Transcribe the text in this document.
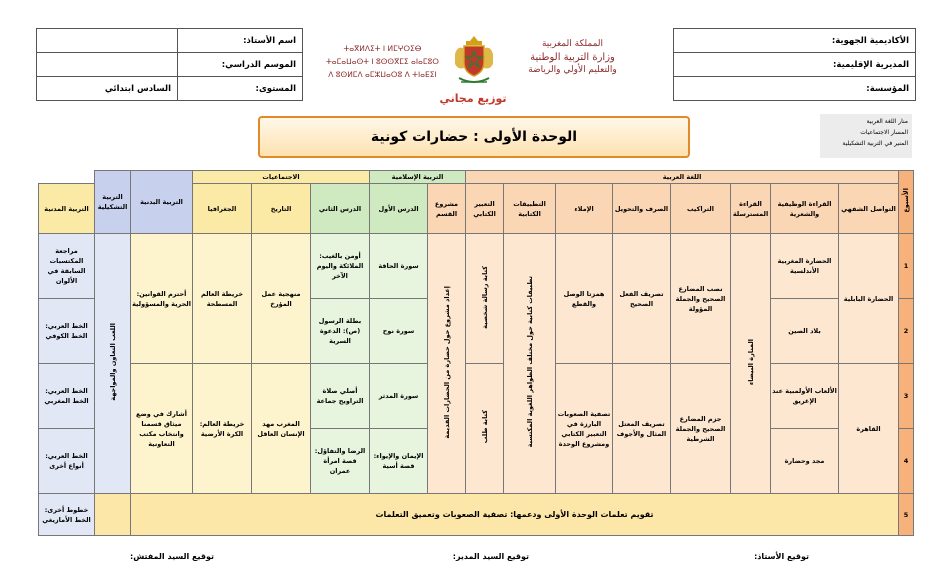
الأكاديمية الجهوية:
المديرية الإقليمية:
المؤسسة:
اسم الأستاذ:	
الموسم الدراسي:	
المستوى:	السادس ابتدائي
المملكة المغربية
وزارة التربية الوطنية
والتعليم الأولي والرياضة
ⵜⴰⴳⵍⴷⵉⵜ ⵏ ⵍⵎⵖⵔⵉⴱ
ⵜⴰⵎⴰⵡⴰⵙⵜ ⵏ ⵓⵙⵙⴳⵎⵉ ⴰⵏⴰⵎⵓⵔ
ⴷ ⵓⵙⵍⵎⴷ ⴰⵎⵣⵡⴰⵔⵓ ⴷ ⵜⵏⴰⴹⵉⵏ
توزيع مجاني
الوحدة الأولى : حضارات كونية
منار اللغة العربية
المسار الاجتماعيات
المنير في التربية التشكيلية
الأسبوع	اللغة العربية								التربية الإسلامية		الاجتماعيات			التربية البدنية	التربية التشكيلية	
	التواصل الشفهي	القراءة الوظيفية والشعرية	القراءة المسترسلة	التراكيب	الصرف والتحويل	الإملاء	التطبيقات الكتابية	التعبير الكتابي	مشروع القسم	الدرس الأول	الدرس الثاني	التاريخ	الجغرافيا			التربية المدنية
1	الحضارة البابلية	الحضارة المغربية الأندلسية	المنارة البيضاء	نصب المضارع الصحيح والجملة المؤولة	تصريف الفعل الصحيح	همزتا الوصل والقطع	تطبيقات كتابية حول مختلف الظواهر اللغوية المكتسبة	كتابة رسالة شخصية	إعداد مشروع حول حضارة من الحضارات القديمة	سورة الحاقة	أومن بالغيب: الملائكة واليوم الآخر	منهجية عمل المؤرخ	خريطة العالم المسطحة	أحترم القوانين: الحرية والمسؤولية	اللعب التعاون والمواجهة	مراجعة المكتسبات السابقة في الألوان
2		بلاد الصين								سورة نوح	بطلة الرسول (ص): الدعوة السرية					الخط العربي: الخط الكوفي
3	القاهرة	الألعاب الأولمبية عند الإغريق		جزم المضارع الصحيح والجملة الشرطية	تصريف المعتل المثال والأجوف	تصفية الصعوبات البارزة في التعبير الكتابي ومشروع الوحدة		كتابة طلب		سورة المدثر	أصلي صلاة التراويح جماعة	المغرب مهد الإنسان العاقل	خريطة العالم: الكرة الأرضية	أشارك في وضع ميثاق قسمنا وانتخاب مكتب التعاونية		الخط العربي: الخط المغربي
4		مجد وحضارة								الإيمان والإيواء: قصة أسية	الرضا والتفاؤل: قصة امرأة عمران					الخط العربي: أنواع أخرى
5	تقويم تعلمات الوحدة الأولى ودعمها: تصفية الصعوبات وتعميق التعلمات															خطوط أخرى: الخط الأمازيغي
توقيع الأستاذ:
توقيع السيد المدير:
توقيع السيد المفتش:
